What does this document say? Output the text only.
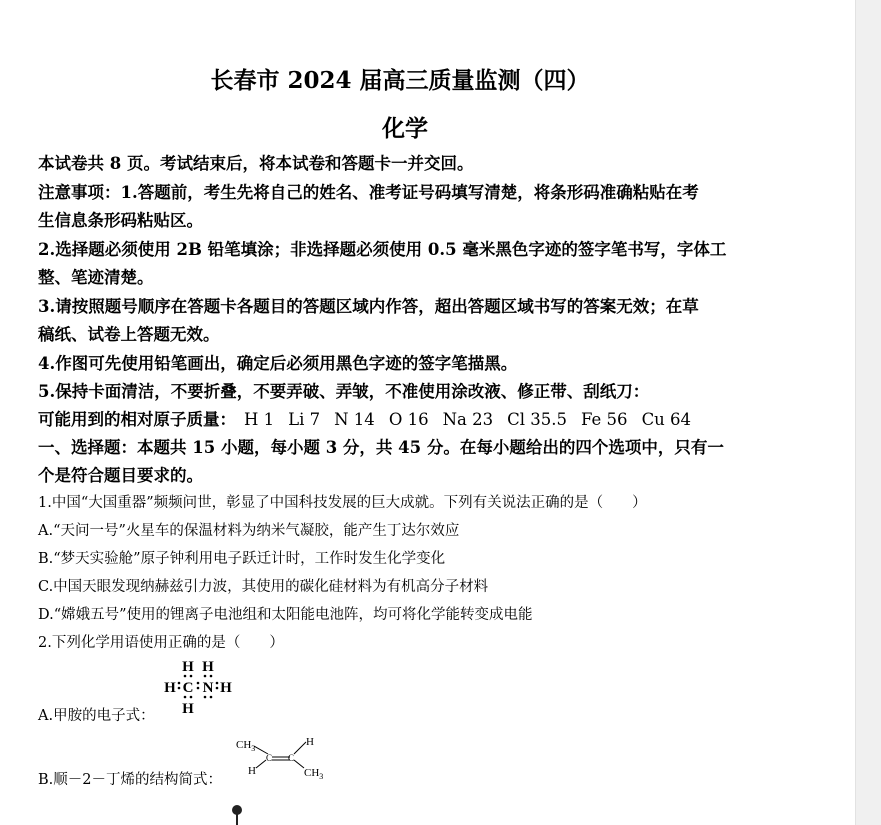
长春市 2024 届高三质量监测（四）
化学
本试卷共 8 页。考试结束后，将本试卷和答题卡一并交回。
注意事项：1.答题前，考生先将自己的姓名、准考证号码填写清楚，将条形码准确粘贴在考
生信息条形码粘贴区。
2.选择题必须使用 2B 铅笔填涂；非选择题必须使用 0.5 毫米黑色字迹的签字笔书写，字体工
整、笔迹清楚。
3.请按照题号顺序在答题卡各题目的答题区域内作答，超出答题区域书写的答案无效；在草
稿纸、试卷上答题无效。
4.作图可先使用铅笔画出，确定后必须用黑色字迹的签字笔描黑。
5.保持卡面清洁，不要折叠，不要弄破、弄皱，不准使用涂改液、修正带、刮纸刀：
可能用到的相对原子质量： H 1 Li 7 N 14 O 16 Na 23 Cl 35.5 Fe 56 Cu 64
一、选择题：本题共 15 小题，每小题 3 分，共 45 分。在每小题给出的四个选项中，只有一
个是符合题目要求的。
1.中国“大国重器”频频问世，彰显了中国科技发展的巨大成就。下列有关说法正确的是（　　）
A.“天问一号”火星车的保温材料为纳米气凝胶，能产生丁达尔效应
B.“梦天实验舱”原子钟利用电子跃迁计时，工作时发生化学变化
C.中国天眼发现纳赫兹引力波，其使用的碳化硅材料为有机高分子材料
D.“嫦娥五号”使用的锂离子电池组和太阳能电池阵，均可将化学能转变成电能
2.下列化学用语使用正确的是（　　）
H H
H C N H
H
A.甲胺的电子式：
$CH_3$
H
H	$CH_3$
C C
B.顺－2－丁烯的结构简式：
